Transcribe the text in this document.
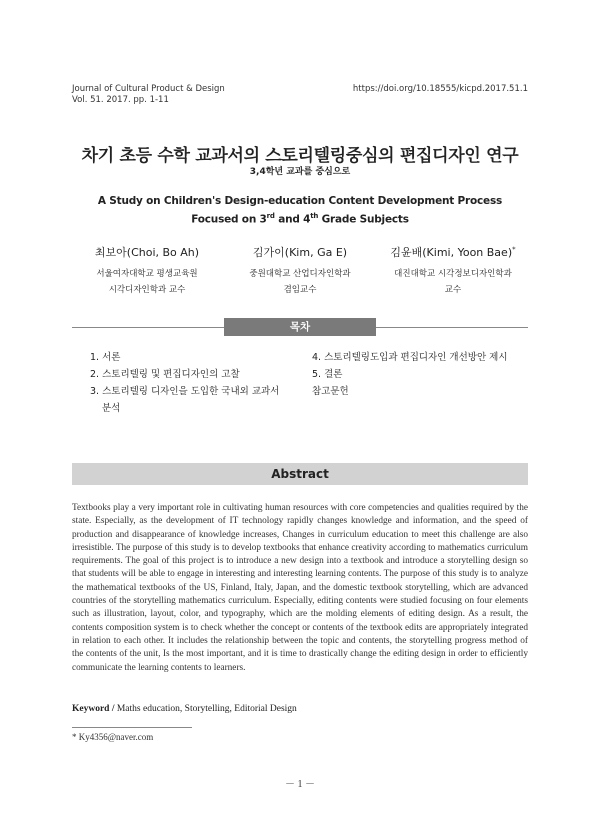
Journal of Cultural Product & Design
Vol. 51. 2017. pp. 1-11
https://doi.org/10.18555/kicpd.2017.51.1
차기 초등 수학 교과서의 스토리텔링중심의 편집디자인 연구
3,4학년 교과를 중심으로
A Study on Children's Design-education Content Development Process
Focused on 3rd and 4th Grade Subjects
최보아(Choi, Bo Ah)
서울여자대학교 평생교육원
시각디자인학과 교수
김가이(Kim, Ga E)
중원대학교 산업디자인학과
겸임교수
김윤배(Kimi, Yoon Bae)*
대진대학교 시각정보디자인학과
교수
목차
1. 서론
2. 스토리텔링 및 편집디자인의 고찰
3. 스토리텔링 디자인을 도입한 국내외 교과서
분석
4. 스토리텔링도입과 편집디자인 개선방안 제시
5. 결론
참고문헌
Abstract
Textbooks play a very important role in cultivating human resources with core competencies and qualities required by the state. Especially, as the development of IT technology rapidly changes knowledge and information, and the speed of production and disappearance of knowledge increases, Changes in curriculum education to meet this challenge are also irresistible. The purpose of this study is to develop textbooks that enhance creativity according to mathematics curriculum requirements. The goal of this project is to introduce a new design into a textbook and introduce a storytelling design so that students will be able to engage in interesting and interesting learning contents. The purpose of this study is to analyze the mathematical textbooks of the US, Finland, Italy, Japan, and the domestic textbook storytelling, which are advanced countries of the storytelling mathematics curriculum. Especially, editing contents were studied focusing on four elements such as illustration, layout, color, and typography, which are the molding elements of editing design. As a result, the contents composition system is to check whether the concept or contents of the textbook edits are appropriately integrated in relation to each other. It includes the relationship between the topic and contents, the storytelling progress method of the contents of the unit, Is the most important, and it is time to drastically change the editing design in order to efficiently communicate the learning contents to learners.
Keyword / Maths education, Storytelling, Editorial Design
* Ky4356@naver.com
－ 1 －
